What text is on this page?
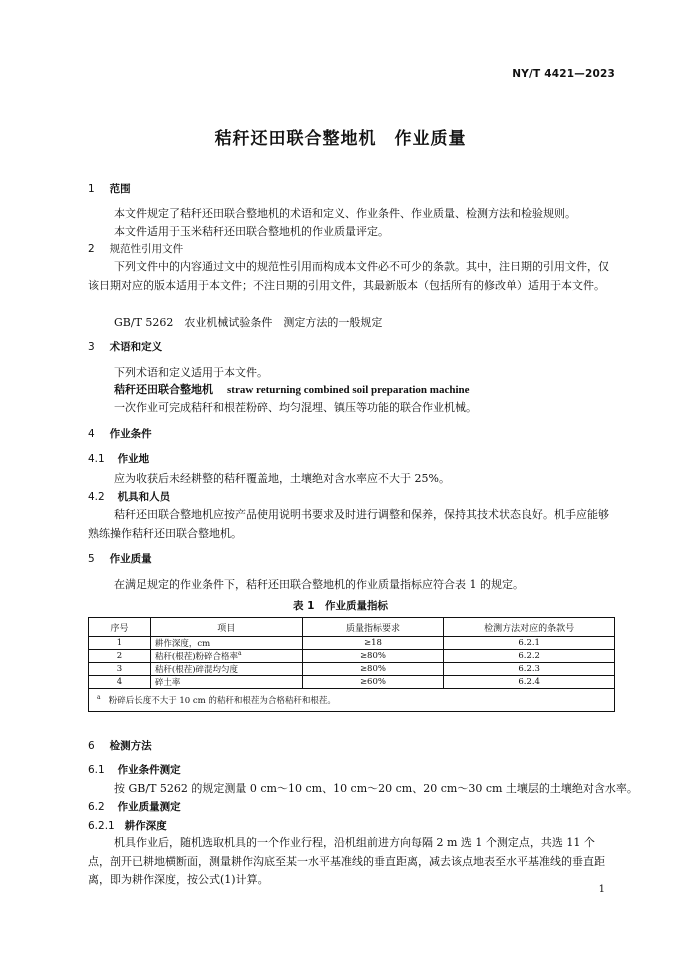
NY/T 4421—2023
秸秆还田联合整地机　作业质量
1 范围
本文件规定了秸秆还田联合整地机的术语和定义、作业条件、作业质量、检测方法和检验规则。
本文件适用于玉米秸秆还田联合整地机的作业质量评定。
2 规范性引用文件
下列文件中的内容通过文中的规范性引用而构成本文件必不可少的条款。其中，注日期的引用文件，仅该日期对应的版本适用于本文件；不注日期的引用文件，其最新版本（包括所有的修改单）适用于本文件。
GB/T 5262　农业机械试验条件　测定方法的一般规定
3 术语和定义
下列术语和定义适用于本文件。
秸秆还田联合整地机 straw returning combined soil preparation machine
一次作业可完成秸秆和根茬粉碎、均匀混埋、镇压等功能的联合作业机械。
4 作业条件
4.1 作业地
应为收获后未经耕整的秸秆覆盖地，土壤绝对含水率应不大于 25%。
4.2 机具和人员
秸秆还田联合整地机应按产品使用说明书要求及时进行调整和保养，保持其技术状态良好。机手应能够熟练操作秸秆还田联合整地机。
5 作业质量
在满足规定的作业条件下，秸秆还田联合整地机的作业质量指标应符合表 1 的规定。
表 1　作业质量指标
序号	项目	质量指标要求	检测方法对应的条款号
1	耕作深度，cm	≥18	6.2.1
2	秸秆(根茬)粉碎合格率$^a$	≥80%	6.2.2
3	秸秆(根茬)碎混均匀度	≥80%	6.2.3
4	碎土率	≥60%	6.2.4
$^a$ 粉碎后长度不大于 10 cm 的秸秆和根茬为合格秸秆和根茬。			
6 检测方法
6.1 作业条件测定
按 GB/T 5262 的规定测量 0 cm～10 cm、10 cm～20 cm、20 cm～30 cm 土壤层的土壤绝对含水率。
6.2 作业质量测定
6.2.1 耕作深度
机具作业后，随机选取机具的一个作业行程，沿机组前进方向每隔 2 m 选 1 个测定点，共选 11 个点，剖开已耕地横断面，测量耕作沟底至某一水平基准线的垂直距离，减去该点地表至水平基准线的垂直距离，即为耕作深度，按公式(1)计算。
1
